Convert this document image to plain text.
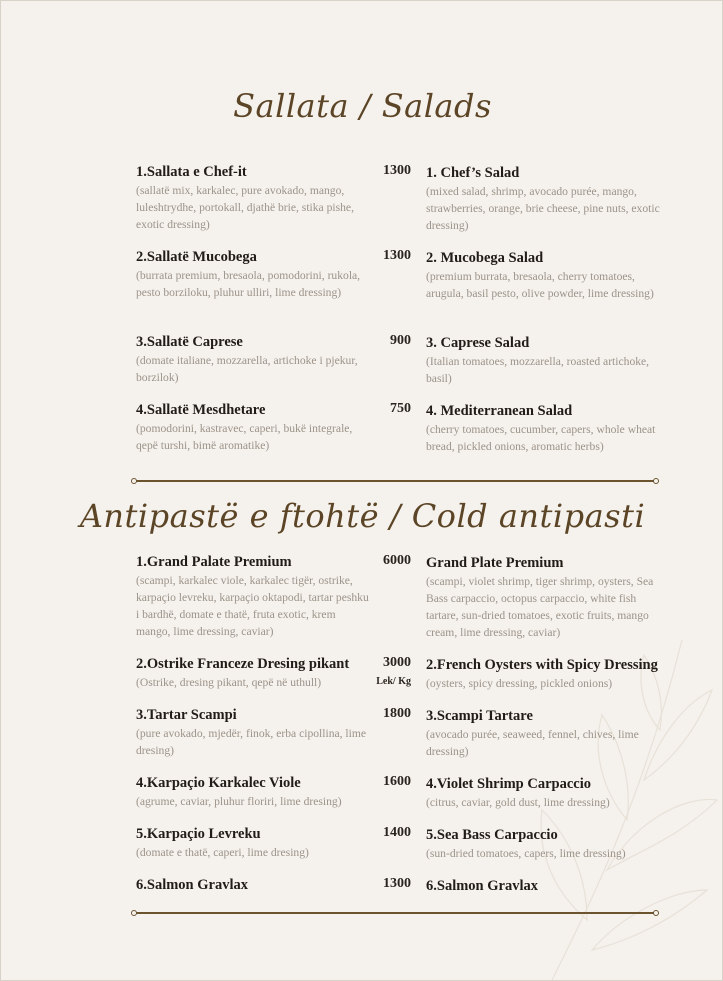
Sallata / Salads
1.Sallata e Chef-it
(sallatë mix, karkalec, pure avokado, mango, luleshtrydhe, portokall, djathë brie, stika pishe, exotic dressing)
1300 1. Chef’s Salad
(mixed salad, shrimp, avocado purée, mango, strawberries, orange, brie cheese, pine nuts, exotic dressing)
2.Sallatë Mucobega
(burrata premium, bresaola, pomodorini, rukola, pesto borziloku, pluhur ulliri, lime dressing)
1300 2. Mucobega Salad
(premium burrata, bresaola, cherry tomatoes, arugula, basil pesto, olive powder, lime dressing)
3.Sallatë Caprese
(domate italiane, mozzarella, artichoke i pjekur, borzilok)
900 3. Caprese Salad
(Italian tomatoes, mozzarella, roasted artichoke, basil)
4.Sallatë Mesdhetare
(pomodorini, kastravec, caperi, bukë integrale, qepë turshi, bimë aromatike)
750 4. Mediterranean Salad
(cherry tomatoes, cucumber, capers, whole wheat bread, pickled onions, aromatic herbs)
Antipastë e ftohtë / Cold antipasti
1.Grand Palate Premium
(scampi, karkalec viole, karkalec tigër, ostrike, karpaçio levreku, karpaçio oktapodi, tartar peshku i bardhë, domate e thatë, fruta exotic, krem mango, lime dressing, caviar)
6000 Grand Plate Premium
(scampi, violet shrimp, tiger shrimp, oysters, Sea Bass carpaccio, octopus carpaccio, white fish tartare, sun-dried tomatoes, exotic fruits, mango cream, lime dressing, caviar)
2.Ostrike Franceze Dresing pikant
(Ostrike, dresing pikant, qepë në uthull)
3000
Lek/ Kg
2.French Oysters with Spicy Dressing
(oysters, spicy dressing, pickled onions)
3.Tartar Scampi
(pure avokado, mjedër, finok, erba cipollina, lime dresing)
1800 3.Scampi Tartare
(avocado purée, seaweed, fennel, chives, lime dressing)
4.Karpaçio Karkalec Viole
(agrume, caviar, pluhur floriri, lime dresing)
1600 4.Violet Shrimp Carpaccio
(citrus, caviar, gold dust, lime dressing)
5.Karpaçio Levreku
(domate e thatë, caperi, lime dresing)
1400 5.Sea Bass Carpaccio
(sun-dried tomatoes, capers, lime dressing)
6.Salmon Gravlax	1300 6.Salmon Gravlax
